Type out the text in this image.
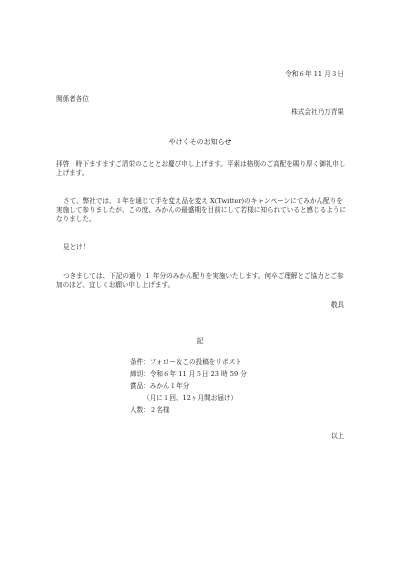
令和６年 11 月３日

関係者各位

株式会社乃万青果

やけくそのお知らせ

拝啓　時下ますますご清栄のこととお慶び申し上げます。平素は格別のご高配を賜り厚く御礼申し上げます。

さて、弊社では、１年を通じて手を変え品を変え X(Twitter)のキャンペーンにてみかん配りを実施して参りましたが、この度、みかんの最盛期を目前にして若様に知られていると感じるようになりました。

見とけ！

つきましては、下記の通り １ 年分のみかん配りを実施いたします。何卒ご理解とご協力とご参加のほど、宜しくお願い申し上げます。

敬具

記

条件：フォロー＆この投稿をリポスト

締切：令和６年 11 月５日 23 時 59 分

賞品：みかん１年分

（月に１回、12ヶ月間お届け）

人数：２名様

以上
